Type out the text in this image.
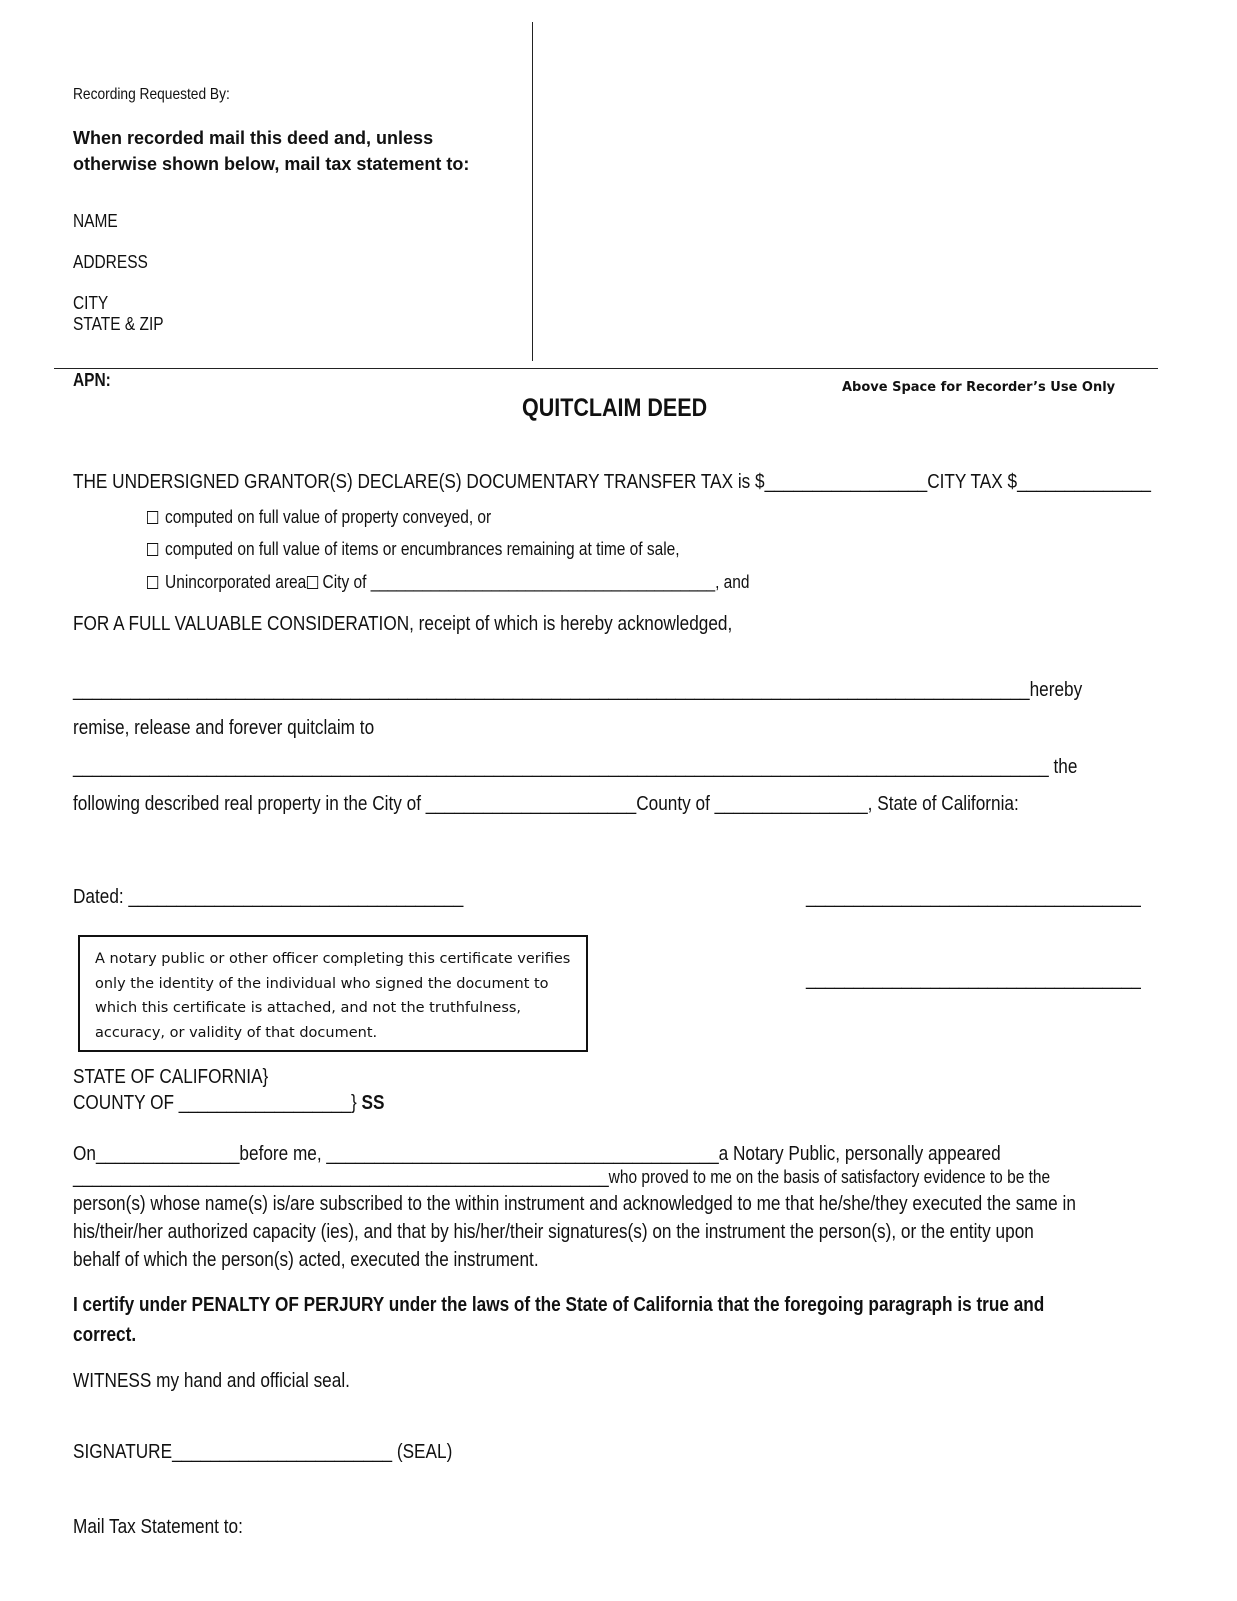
Recording Requested By:
When recorded mail this deed and, unless
otherwise shown below, mail tax statement to:
NAME
ADDRESS
CITY
STATE & ZIP
APN:	Above Space for Recorder’s Use Only
QUITCLAIM DEED
THE UNDERSIGNED GRANTOR(S) DECLARE(S) DOCUMENTARY TRANSFER TAX is $_________________CITY TAX $______________
computed on full value of property conveyed, or
computed on full value of items or encumbrances remaining at time of sale,
Unincorporated area City of ________________________________________, and
FOR A FULL VALUABLE CONSIDERATION, receipt of which is hereby acknowledged,
____________________________________________________________________________________________________hereby
remise, release and forever quitclaim to
______________________________________________________________________________________________________ the
following described real property in the City of ______________________County of ________________, State of California:
Dated: ___________________________________	___________________________________
___________________________________
A notary public or other officer completing this certificate verifies only the identity of the individual who signed the document to which this certificate is attached, and not the truthfulness, accuracy, or validity of that document.
STATE OF CALIFORNIA}
COUNTY OF __________________} SS
On_______________before me, _________________________________________a Notary Public, personally appeared
________________________________________________________who proved to me on the basis of satisfactory evidence to be the
person(s) whose name(s) is/are subscribed to the within instrument and acknowledged to me that he/she/they executed the same in
his/their/her authorized capacity (ies), and that by his/her/their signatures(s) on the instrument the person(s), or the entity upon
behalf of which the person(s) acted, executed the instrument.
I certify under PENALTY OF PERJURY under the laws of the State of California that the foregoing paragraph is true and
correct.
WITNESS my hand and official seal.
SIGNATURE_______________________ (SEAL)
Mail Tax Statement to:
